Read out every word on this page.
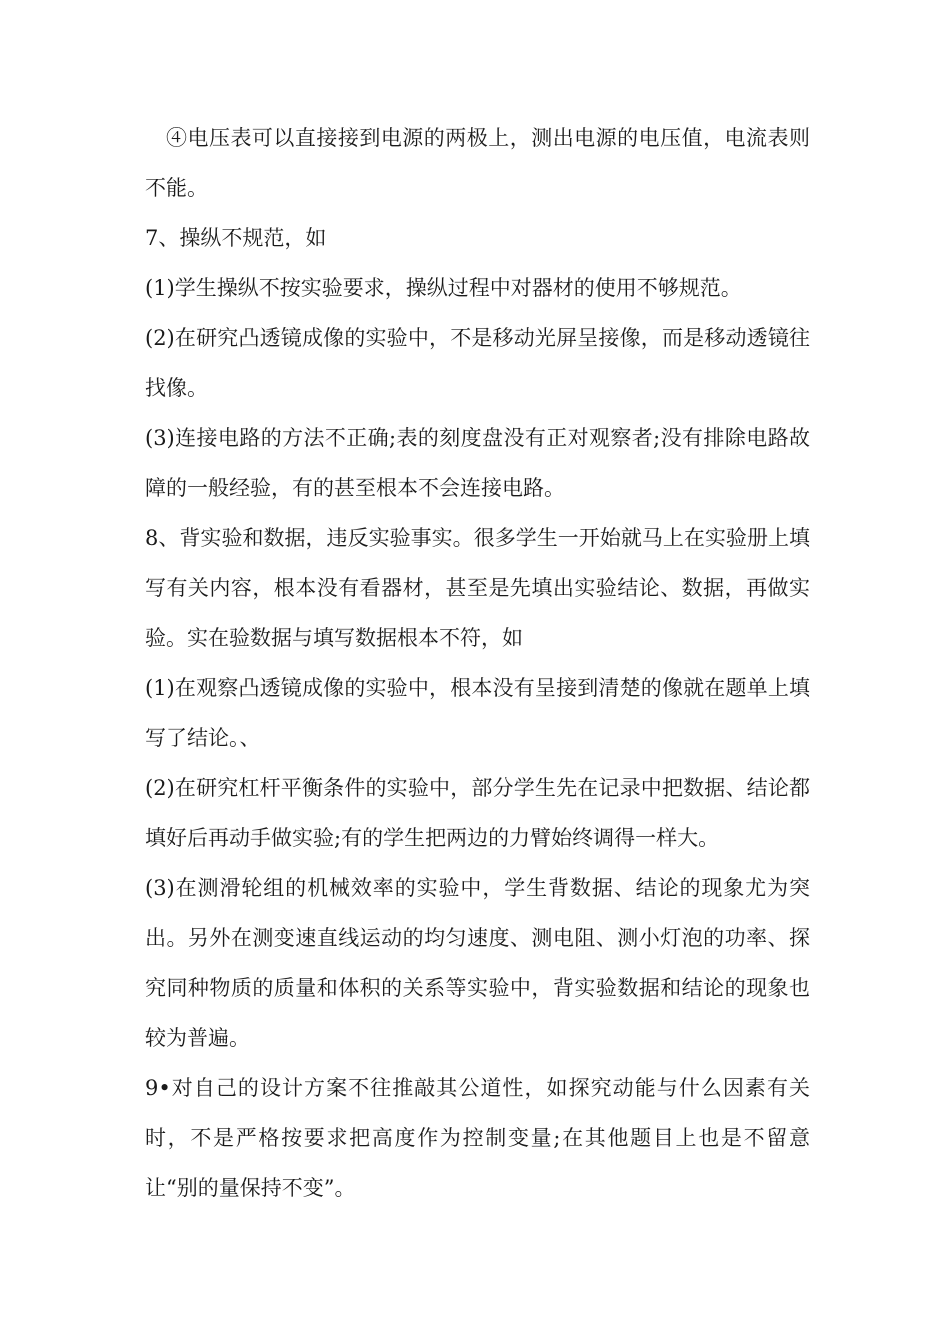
④电压表可以直接接到电源的两极上，测出电源的电压值，电流表则不能。

7、操纵不规范，如

(1)学生操纵不按实验要求，操纵过程中对器材的使用不够规范。

(2)在研究凸透镜成像的实验中，不是移动光屏呈接像，而是移动透镜往找像。

(3)连接电路的方法不正确;表的刻度盘没有正对观察者;没有排除电路故障的一般经验，有的甚至根本不会连接电路。

8、背实验和数据，违反实验事实。很多学生一开始就马上在实验册上填写有关内容，根本没有看器材，甚至是先填出实验结论、数据，再做实验。实在验数据与填写数据根本不符，如

(1)在观察凸透镜成像的实验中，根本没有呈接到清楚的像就在题单上填写了结论。、

(2)在研究杠杆平衡条件的实验中，部分学生先在记录中把数据、结论都填好后再动手做实验;有的学生把两边的力臂始终调得一样大。

(3)在测滑轮组的机械效率的实验中，学生背数据、结论的现象尤为突出。另外在测变速直线运动的均匀速度、测电阻、测小灯泡的功率、探究同种物质的质量和体积的关系等实验中，背实验数据和结论的现象也较为普遍。

9•对自己的设计方案不往推敲其公道性，如探究动能与什么因素有关时，不是严格按要求把高度作为控制变量;在其他题目上也是不留意让“别的量保持不变”。
